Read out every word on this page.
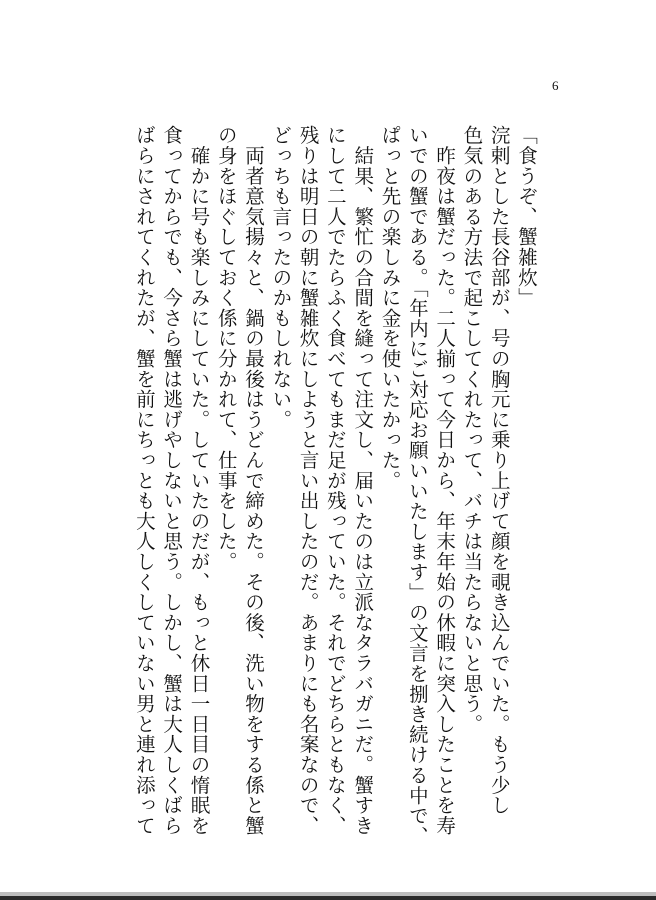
6
「食うぞ、蟹雑炊」
浣剌とした長谷部が、号の胸元に乗り上げて顔を覗き込んでいた。もう少し
色気のある方法で起こしてくれたって、バチは当たらないと思う。
　昨夜は蟹だった。二人揃って今日から、年末年始の休暇に突入したことを寿
いでの蟹である。「年内にご対応お願いいたします」の文言を捌き続ける中で、
ぱっと先の楽しみに金を使いたかった。
　結果、繁忙の合間を縫って注文し、届いたのは立派なタラバガニだ。蟹すき
にして二人でたらふく食べてもまだ足が残っていた。それでどちらともなく、
残りは明日の朝に蟹雑炊にしようと言い出したのだ。あまりにも名案なので、
どっちも言ったのかもしれない。
　両者意気揚々と、鍋の最後はうどんで締めた。その後、洗い物をする係と蟹
の身をほぐしておく係に分かれて、仕事をした。
　確かに号も楽しみにしていた。していたのだが、もっと休日一日目の惰眠を
食ってからでも、今さら蟹は逃げやしないと思う。しかし、蟹は大人しくばら
ばらにされてくれたが、蟹を前にちっとも大人しくしていない男と連れ添って
